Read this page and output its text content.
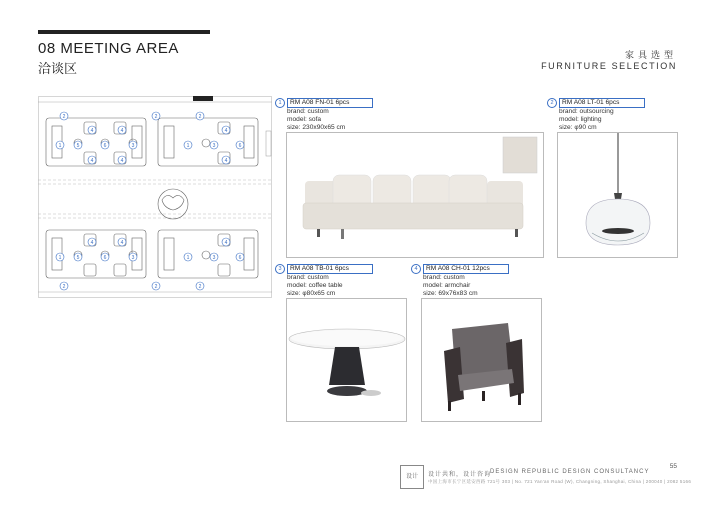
08 MEETING AREA
洽谈区
家具选型
FURNITURE SELECTION
2	2	2
1
4	4
5	6	3
4	4
1	3
4
4
6
1
4	4
5	6	3	1	3
4
6
2	2	2
1 RM A08 FN-01 6pcs
brand: custom
model: sofa
size: 230x90x65 cm
2 RM A08 LT-01 6pcs
brand: outsourcing
model: lighting
size: φ90 cm
3 RM A08 TB-01 6pcs
brand: custom
model: coffee table
size: φ80x65 cm
4 RM A08 CH-01 12pcs
brand: custom
model: armchair
size: 69x76x83 cm
55
设计	设计共和，设计咨询
DESIGN REPUBLIC DESIGN CONSULTANCY
中国上海市长宁区延安西路 721号 303 | No. 721 Yan'an Road (W), Changning, Shanghai, China | 200040 | 2082 5166
